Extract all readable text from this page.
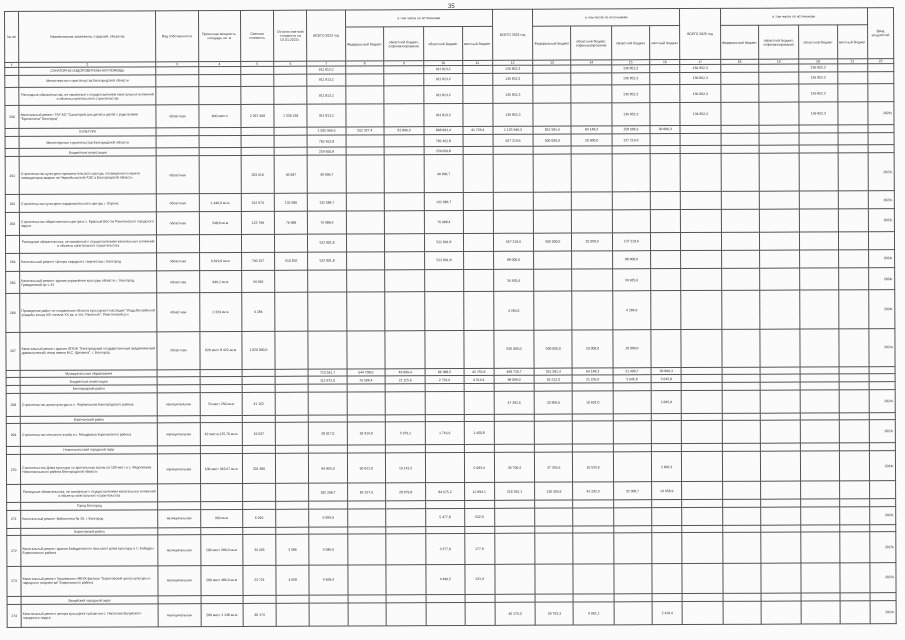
35
№ п/п	Наименование заказчиков, отраслей, объектов	Вид собственности	Проектная мощность, площадь, кв. м	Сметная стоимость	Остаток сметной стоимости на 01.01.2023 г.	ВСЕГО 2023 год	в том числе по источникам				ВСЕГО 2024 год	в том числе по источникам				ВСЕГО 2025 год	в том числе по источникам				Ввод мощностей
							Федеральный бюджет	областной бюджет, софинансирование	областной бюджет	местный бюджет		Федеральный бюджет	областной бюджет, софинансирование	областной бюджет	местный бюджет		Федеральный бюджет	областной бюджет, софинансирование	областной бюджет	местный бюджет	
1	2	3	4	5	6	7	8	9	10	11	12	13	14	15	16	17	18	19	20	21	22
	САНАТОРНО-ОЗДОРОВИТЕЛЬНАЯ ПОМОЩЬ					911 813,2			911 813,2		136 852,3			136 852,3		136 852,3			136 852,3		
	Министерство строительства Белгородской области					911 813,2			911 813,2		136 852,3			136 852,3		136 852,3			136 852,3		
	Расходные обязательства, не связанные с осуществлением капитальных вложений в объекты капитального строительства					911 813,2			911 813,2		136 852,3			136 852,3		136 852,3			136 852,3		
260	Капитальный ремонт ГАУ БО "Санаторий для детей и детей с родителями "Бригантина" Белгород"	областная	400 место	2 367 468	1 336 138	911 813,2			911 813,2		136 852,3			136 852,3		136 852,3			136 852,3		2026г.
	КУЛЬТУРА					1 505 994,5	552 327,4	81 896,3	868 841,4	41 729,4	1 125 946,3	851 581,4	84 148,3	158 606,3	30 896,3						
	Министерство строительства Белгородской области					782 452,8			782 452,8		657 219,6	500 000,0	20 000,0	137 219,6							
	Бюджетные инвестиции					259 650,8			259 650,8												
261	Строительство культурно-просветительского центра, посвященного памяти ликвидаторов аварии на Чернобыльской АЭС в Белгородской области	областная		203 619	40 687	40 996,7			40 996,7												2023г.
262	Строительство культурно-оздоровительного центра, г. Короча	областная	1 440,0 кв.м	312 074	132 686	132 686,7			132 686,7												2023г.
263	Строительство общественного центра в с. Красный Восток Ракитянского городского округа	областная	548,8 кв.м	123 799	76 988	76 988,4			76 988,4												2023г.
	Расходные обязательства, не связанные с осуществлением капитальных вложений в объекты капитального строительства					522 801,8			522 801,8		657 219,6	500 000,0	20 000,0	137 219,6							
264	Капитальный ремонт Центра народного творчества г. Белгород	областная	6 819,6 кв.м	740 157	610 832	522 801,8			522 801,8		88 000,0			88 000,0							2024г.
265	Капитальный ремонт здания управления культуры области, г. Белгород, Гражданский пр-т, 41	областная	946,2 кв.м	34 936							34 935,6			34 935,6							2024г.
266	Проведение работ по сохранению объекта культурного наследия "Усадьба казённой усадьбы конца XIX начала XX вв. в пос. Ракитное", Ракитянский р-н	областная	2 329 кв.м	4 284							4 284,0			4 284,0							2024г.
267	Капитальный ремонт здания ОГКУК "Белгородский государственный академический драматический театр имени М.С. Щепкина", г. Белгород	областная	620 мест 8 422 кв.м	1 020 000,0							530 000,0	500 000,0	20 000,0	10 000,0							2024г.
	Муниципальные образования					723 541,7	544 708,0	49 689,4	86 388,5	42 755,8	468 726,7	351 581,4	64 148,3	21 400,7	30 896,3						
	Бюджетные инвестиции					112 872,0	79 508,4	21 115,6	2 733,6	9 514,4	98 099,0	65 212,0	21 226,0	5 645,8	5 645,8						
	Белгородский район																				
268	Строительство дома культуры в с. Черемошное Белгородского района	муниципальная	70 мест 250 кв.м	41 162							47 392,6	33 856,6	10 691,0		2 845,0						2024г.
	Корочанский район																				
269	Строительство сельского клуба в с. Мандровка Корочанского района	муниципальная	42 места 225,70 кв.м	19 037		28 017,0	18 914,0	5 976,1	1 716,6	1 400,8											2023г.
	Новооскольский городской округ																				
270	Строительство Дома культуры со зрительным залом на 100 мест в с. Федосеевка Новооскольского района Белгородской области	муниципальная	100 мест 343,67 кв.м	201 386		84 855,9	60 621,0	19 141,5		5 093,4	46 706,4	37 355,6	10 535,6		2 802,3						2024г.
	Расходные обязательства, не связанные с осуществлением капитальных вложений в объекты капитального строительства					182 298,7	85 157,6	28 079,8	84 675,2	12 894,1	218 392,1	130 359,9	42 292,5	32 300,7	14 958,9						
	Город Белгород																				
271	Капитальный ремонт библиотеки № 19, г. Белгород	муниципальная	330 кв.м	6 010		6 009,9			5 477,8	532,0											2023г.
	Борисовский район																				
272	Капитальный ремонт здания Байцуровского сельского дома культуры в с. Байцуры Борисовского района	муниципальная	100 мест 396,0 кв.м	34 426	3 586	3 586,6			3 377,0	177,9											2023г.
273	Капитальный ремонт Грушевского МБУК филиал "Борисовский центр культуры и народного творчества" Борисовского района	муниципальная	200 мест 486,0 кв.м	23 721	4 658	4 658,4			4 496,5	231,9											2023г.
	Валуйский городской округ																				
274	Капитальный ремонт центра культурного развития с. Насонова Валуйского городского округа	муниципальная	200 мест 1 138 кв.м	40 174							40 175,0	28 703,3	9 061,2		2 410,4						2024г.
